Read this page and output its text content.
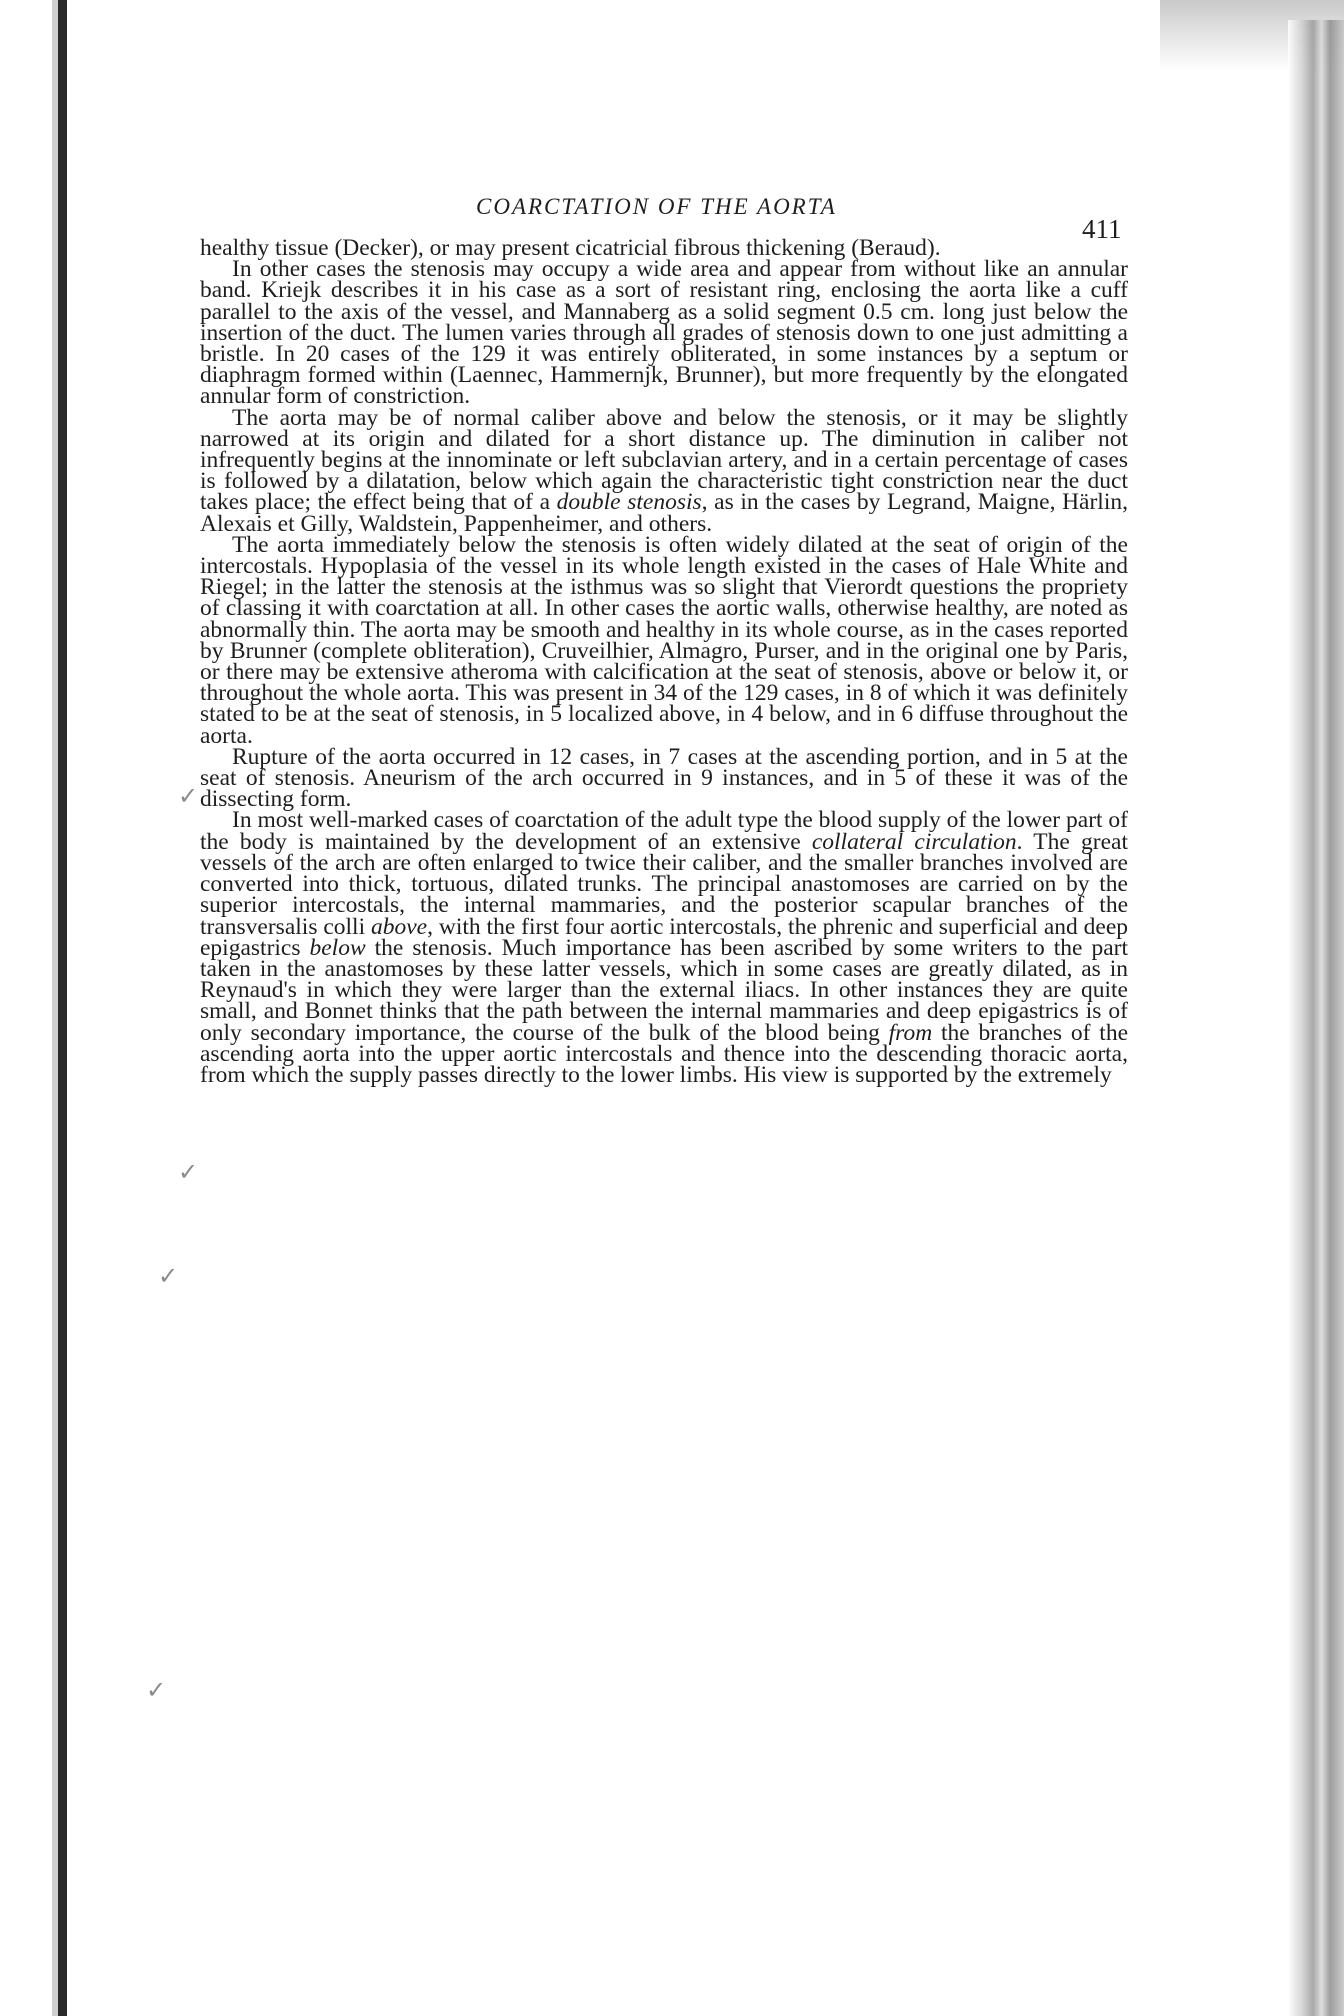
COARCTATION OF THE AORTA
411

healthy tissue (Decker), or may present cicatricial fibrous thickening (Beraud).

In other cases the stenosis may occupy a wide area and appear from without like an annular band. Kriejk describes it in his case as a sort of resistant ring, enclosing the aorta like a cuff parallel to the axis of the vessel, and Mannaberg as a solid segment 0.5 cm. long just below the insertion of the duct. The lumen varies through all grades of stenosis down to one just admitting a bristle. In 20 cases of the 129 it was entirely obliterated, in some instances by a septum or diaphragm formed within (Laennec, Hammernjk, Brunner), but more frequently by the elongated annular form of constriction.

The aorta may be of normal caliber above and below the stenosis, or it may be slightly narrowed at its origin and dilated for a short distance up. The diminution in caliber not infrequently begins at the innominate or left subclavian artery, and in a certain percentage of cases is followed by a dilatation, below which again the characteristic tight constriction near the duct takes place; the effect being that of a double stenosis, as in the cases by Legrand, Maigne, Härlin, Alexais et Gilly, Waldstein, Pappenheimer, and others.

The aorta immediately below the stenosis is often widely dilated at the seat of origin of the intercostals. Hypoplasia of the vessel in its whole length existed in the cases of Hale White and Riegel; in the latter the stenosis at the isthmus was so slight that Vierordt questions the propriety of classing it with coarctation at all. In other cases the aortic walls, otherwise healthy, are noted as abnormally thin. The aorta may be smooth and healthy in its whole course, as in the cases reported by Brunner (complete obliteration), Cruveilhier, Almagro, Purser, and in the original one by Paris, or there may be extensive atheroma with calcification at the seat of stenosis, above or below it, or throughout the whole aorta. This was present in 34 of the 129 cases, in 8 of which it was definitely stated to be at the seat of stenosis, in 5 localized above, in 4 below, and in 6 diffuse throughout the aorta.

Rupture of the aorta occurred in 12 cases, in 7 cases at the ascending portion, and in 5 at the seat of stenosis. Aneurism of the arch occurred in 9 instances, and in 5 of these it was of the dissecting form.

In most well-marked cases of coarctation of the adult type the blood supply of the lower part of the body is maintained by the development of an extensive collateral circulation. The great vessels of the arch are often enlarged to twice their caliber, and the smaller branches involved are converted into thick, tortuous, dilated trunks. The principal anastomoses are carried on by the superior intercostals, the internal mammaries, and the posterior scapular branches of the transversalis colli above, with the first four aortic intercostals, the phrenic and superficial and deep epigastrics below the stenosis. Much importance has been ascribed by some writers to the part taken in the anastomoses by these latter vessels, which in some cases are greatly dilated, as in Reynaud's in which they were larger than the external iliacs. In other instances they are quite small, and Bonnet thinks that the path between the internal mammaries and deep epigastrics is of only secondary importance, the course of the bulk of the blood being from the branches of the ascending aorta into the upper aortic intercostals and thence into the descending thoracic aorta, from which the supply passes directly to the lower limbs. His view is supported by the extremely

✓
✓
✓
✓
